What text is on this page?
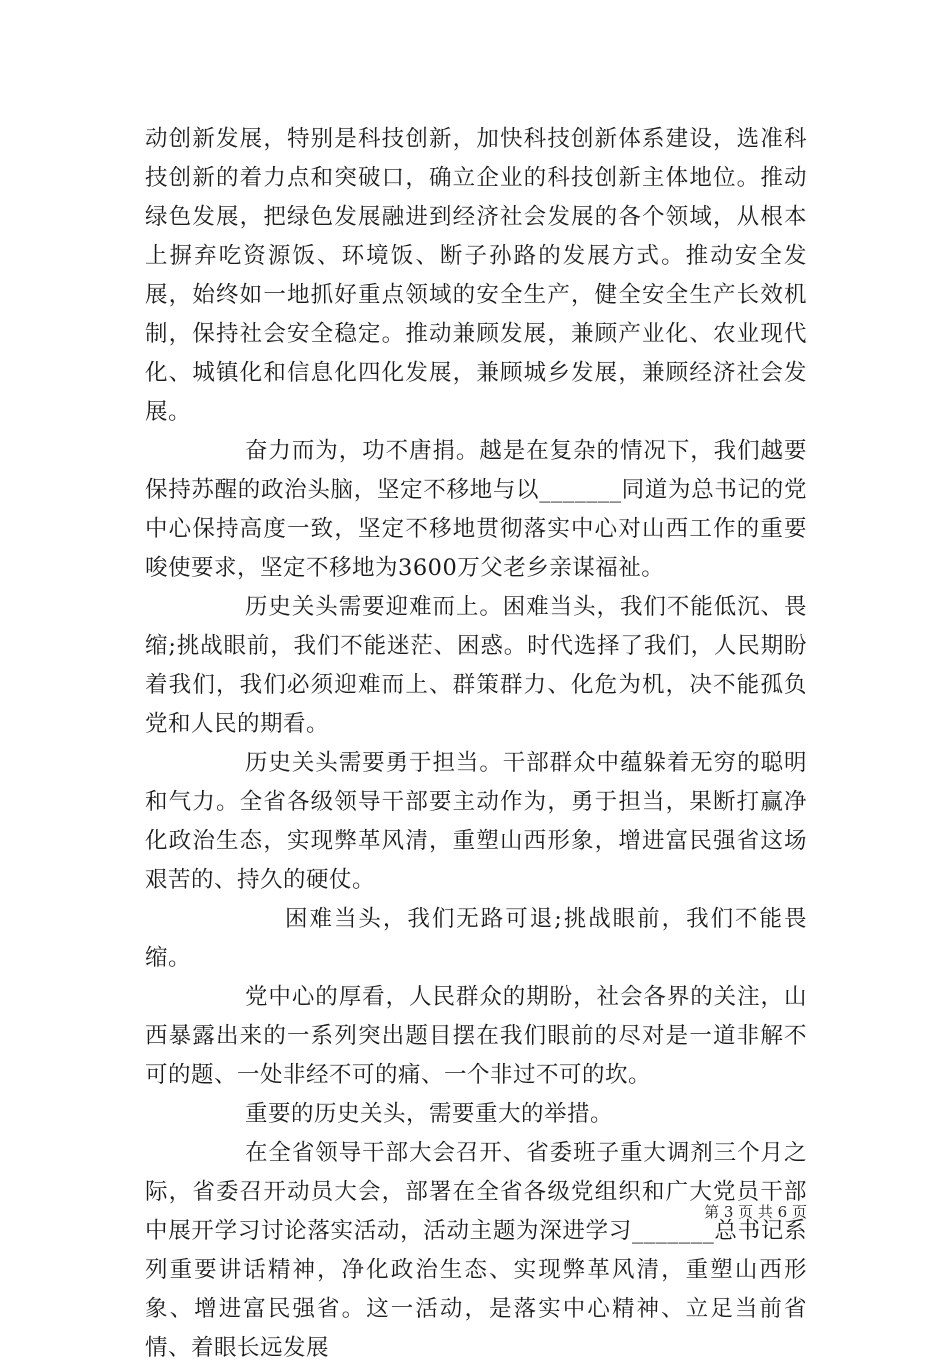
动创新发展，特别是科技创新，加快科技创新体系建设，选准科技创新的着力点和突破口，确立企业的科技创新主体地位。推动绿色发展，把绿色发展融进到经济社会发展的各个领域，从根本上摒弃吃资源饭、环境饭、断子孙路的发展方式。推动安全发展，始终如一地抓好重点领域的安全生产，健全安全生产长效机制，保持社会安全稳定。推动兼顾发展，兼顾产业化、农业现代化、城镇化和信息化四化发展，兼顾城乡发展，兼顾经济社会发展。

奋力而为，功不唐捐。越是在复杂的情况下，我们越要保持苏醒的政治头脑，坚定不移地与以_______同道为总书记的党中心保持高度一致，坚定不移地贯彻落实中心对山西工作的重要唆使要求，坚定不移地为3600万父老乡亲谋福祉。

历史关头需要迎难而上。困难当头，我们不能低沉、畏缩;挑战眼前，我们不能迷茫、困惑。时代选择了我们，人民期盼着我们，我们必须迎难而上、群策群力、化危为机，决不能孤负党和人民的期看。

历史关头需要勇于担当。干部群众中蕴躲着无穷的聪明和气力。全省各级领导干部要主动作为，勇于担当，果断打赢净化政治生态，实现弊革风清，重塑山西形象，增进富民强省这场艰苦的、持久的硬仗。

困难当头，我们无路可退;挑战眼前，我们不能畏缩。

党中心的厚看，人民群众的期盼，社会各界的关注，山西暴露出来的一系列突出题目摆在我们眼前的尽对是一道非解不可的题、一处非经不可的痛、一个非过不可的坎。

重要的历史关头，需要重大的举措。

在全省领导干部大会召开、省委班子重大调剂三个月之际，省委召开动员大会，部署在全省各级党组织和广大党员干部中展开学习讨论落实活动，活动主题为深进学习_______总书记系列重要讲话精神，净化政治生态、实现弊革风清，重塑山西形象、增进富民强省。这一活动，是落实中心精神、立足当前省情、着眼长远发展

第 3 页 共 6 页
